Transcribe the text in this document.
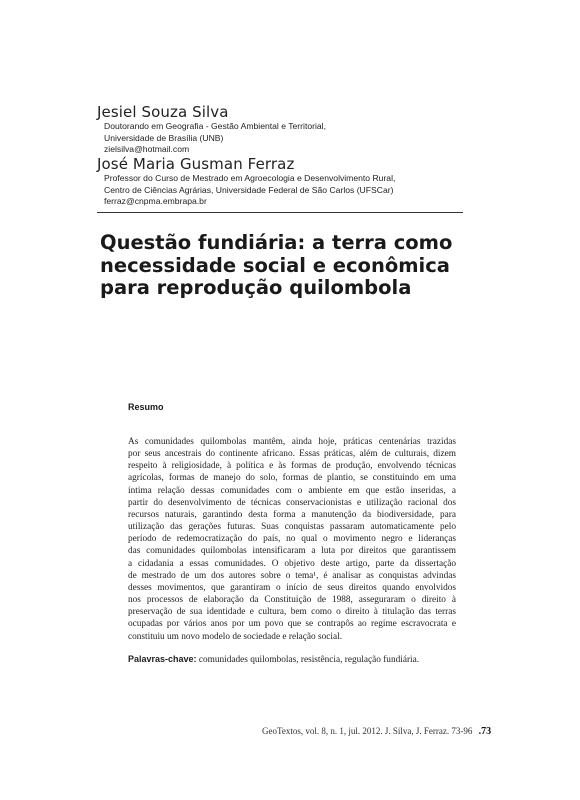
Jesiel Souza Silva
Doutorando em Geografia - Gestão Ambiental e Territorial,
Universidade de Brasília (UNB)
zielsilva@hotmail.com
José Maria Gusman Ferraz
Professor do Curso de Mestrado em Agroecologia e Desenvolvimento Rural,
Centro de Ciências Agrárias, Universidade Federal de São Carlos (UFSCar)
ferraz@cnpma.embrapa.br
Questão fundiária: a terra como
necessidade social e econômica
para reprodução quilombola
Resumo
As comunidades quilombolas mantêm, ainda hoje, práticas centenárias trazidas
por seus ancestrais do continente africano. Essas práticas, além de culturais, dizem
respeito à religiosidade, à política e às formas de produção, envolvendo técnicas
agrícolas, formas de manejo do solo, formas de plantio, se constituindo em uma
íntima relação dessas comunidades com o ambiente em que estão inseridas, a
partir do desenvolvimento de técnicas conservacionistas e utilização racional dos
recursos naturais, garantindo desta forma a manutenção da biodiversidade, para
utilização das gerações futuras. Suas conquistas passaram automaticamente pelo
período de redemocratização do país, no qual o movimento negro e lideranças
das comunidades quilombolas intensificaram a luta por direitos que garantissem
a cidadania a essas comunidades. O objetivo deste artigo, parte da dissertação
de mestrado de um dos autores sobre o tema¹, é analisar as conquistas advindas
desses movimentos, que garantiram o início de seus direitos quando envolvidos
nos processos de elaboração da Constituição de 1988, asseguraram o direito à
preservação de sua identidade e cultura, bem como o direito à titulação das terras
ocupadas por vários anos por um povo que se contrapôs ao regime escravocrata e
constituiu um novo modelo de sociedade e relação social.
Palavras-chave: comunidades quilombolas, resistência, regulação fundiária.
GeoTextos, vol. 8, n. 1, jul. 2012. J. Silva, J. Ferraz. 73-96 .73
